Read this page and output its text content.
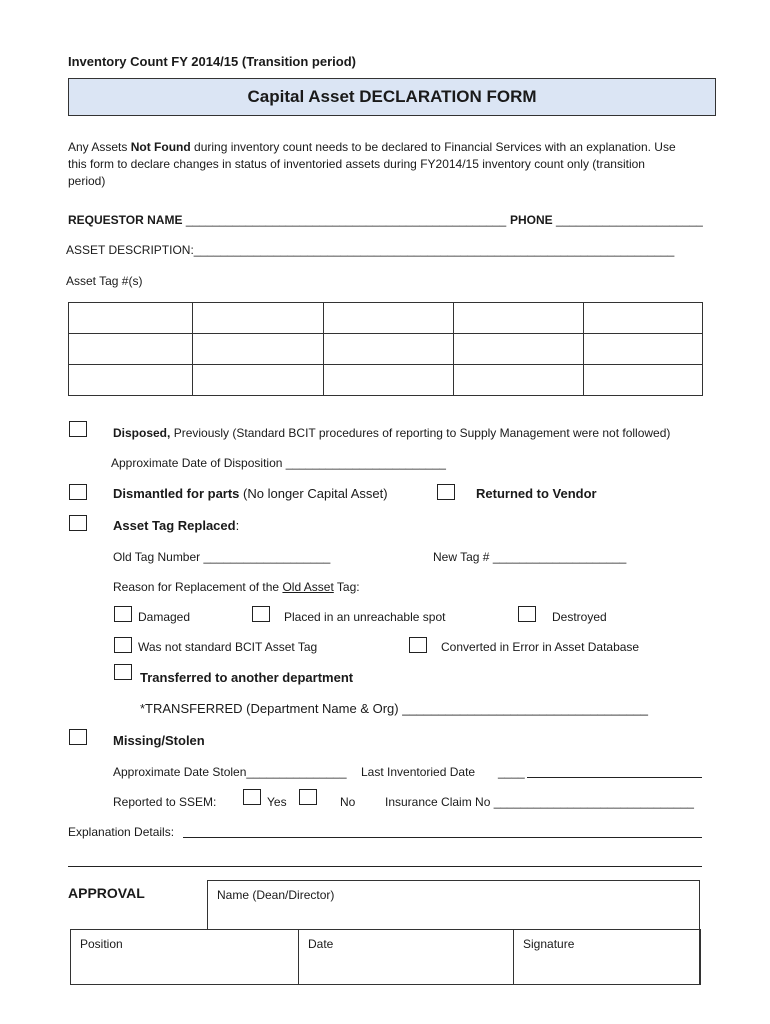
Inventory Count FY 2014/15 (Transition period)
Capital Asset DECLARATION FORM
Any Assets Not Found during inventory count needs to be declared to Financial Services with an explanation. Use
this form to declare changes in status of inventoried assets during FY2014/15 inventory count only (transition
period)
REQUESTOR NAME ________________________________________________ PHONE ______________________
ASSET DESCRIPTION:________________________________________________________________________
Asset Tag #(s)

Disposed, Previously (Standard BCIT procedures of reporting to Supply Management were not followed)
Approximate Date of Disposition ________________________
Dismantled for parts (No longer Capital Asset)	Returned to Vendor
Asset Tag Replaced:
Old Tag Number ___________________	New Tag # ____________________
Reason for Replacement of the Old Asset Tag:
Damaged	Placed in an unreachable spot	Destroyed
Was not standard BCIT Asset Tag	Converted in Error in Asset Database
Transferred to another department
*TRANSFERRED (Department Name & Org) __________________________________
Missing/Stolen
Approximate Date Stolen_______________ Last Inventoried Date ____
Reported to SSEM:	Yes	No Insurance Claim No ______________________________
Explanation Details:
APPROVAL	Name (Dean/Director)
Position	Date	Signature
